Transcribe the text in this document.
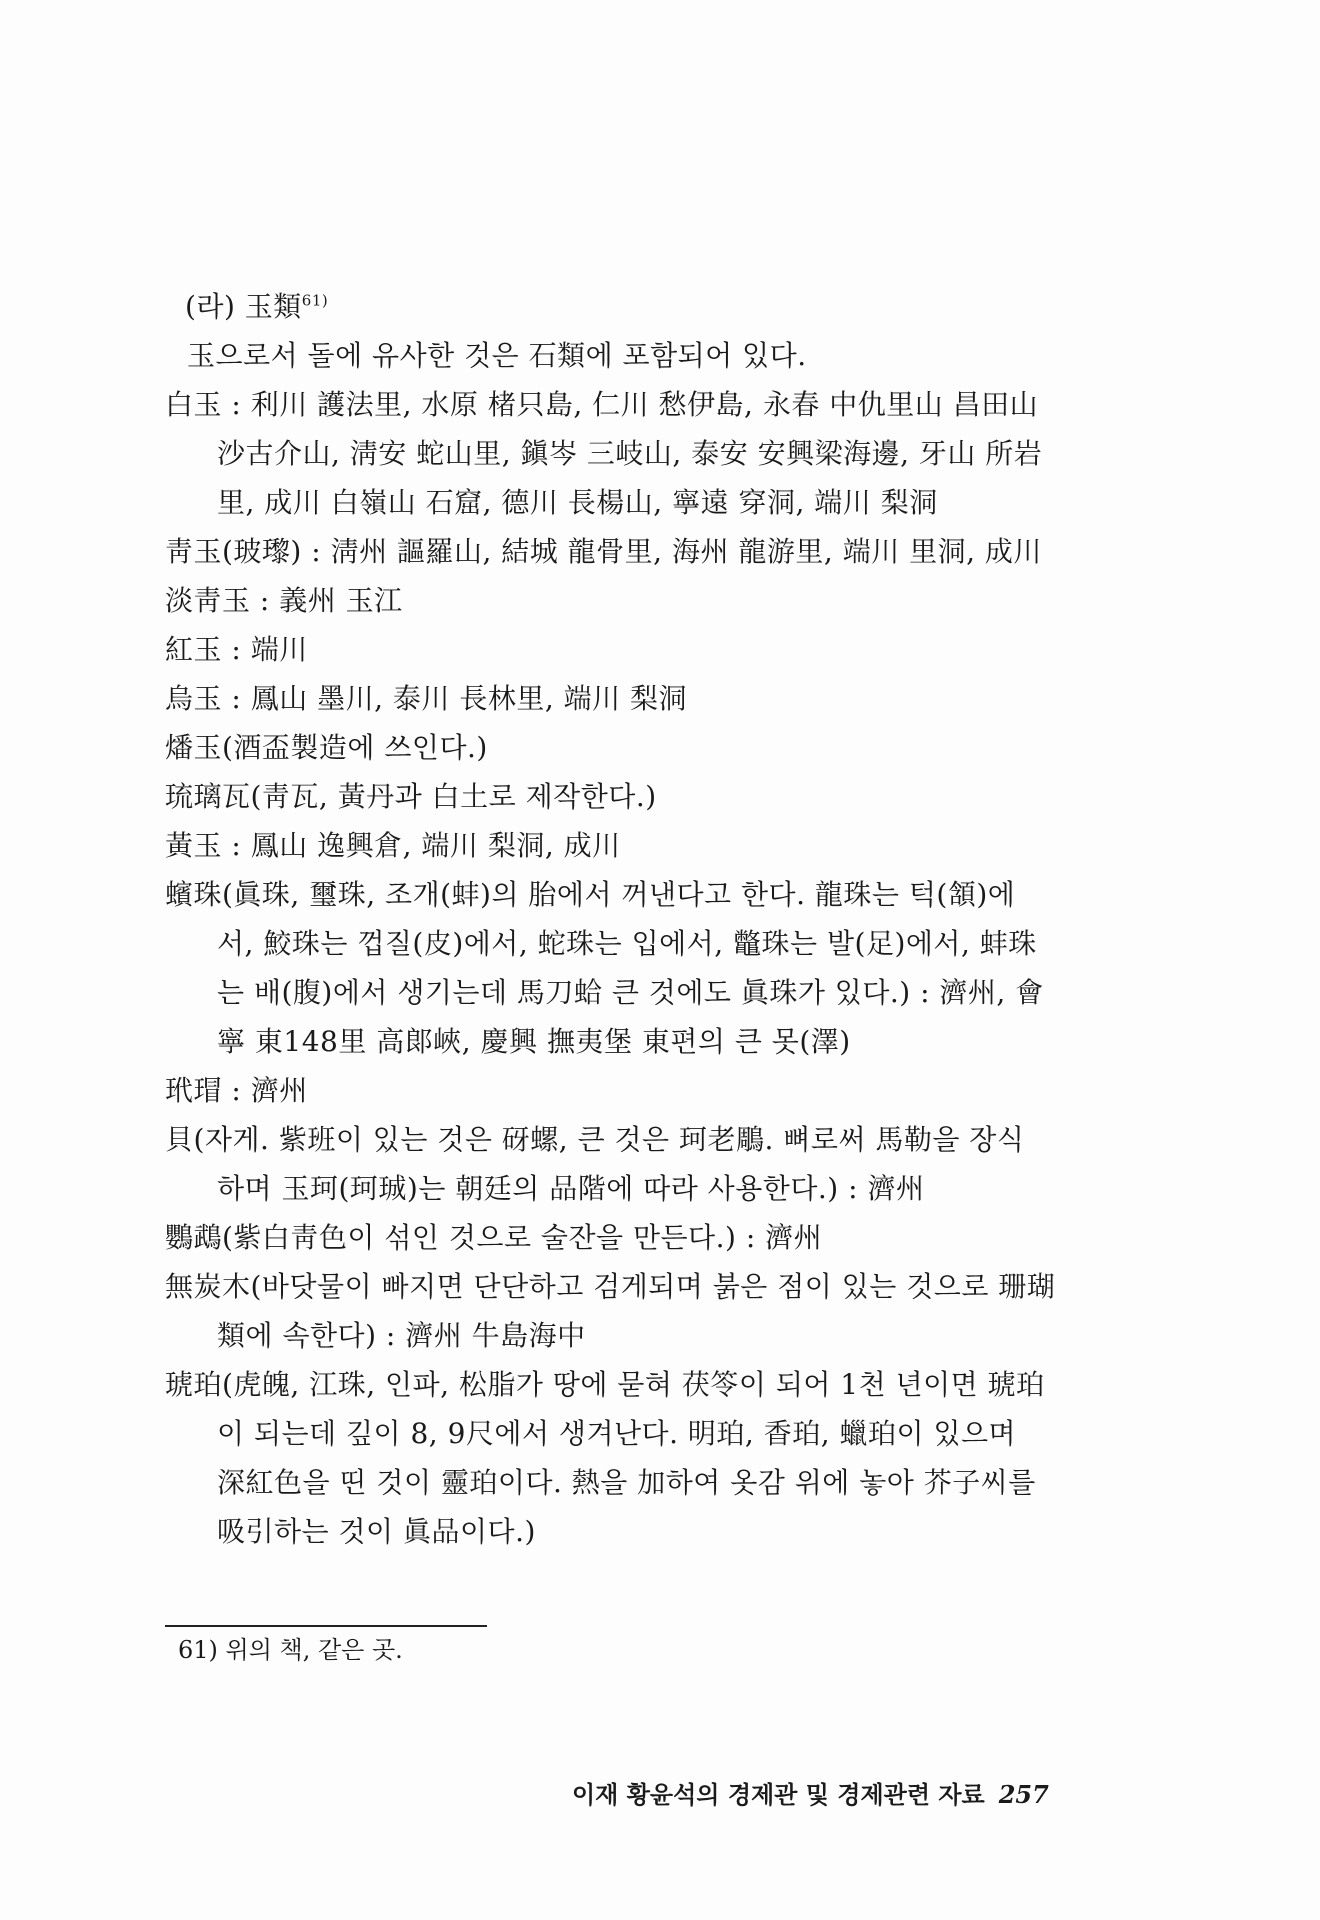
(라) 玉類$^{61)}$
玉으로서 돌에 유사한 것은 石類에 포함되어 있다.
白玉 : 利川 護法里, 水原 楮只島, 仁川 愁伊島, 永春 中仇里山 昌田山
沙古介山, 淸安 蛇山里, 鎭岑 三岐山, 泰安 安興梁海邊, 牙山 所岩
里, 成川 白嶺山 石窟, 德川 長楊山, 寧遠 穿洞, 端川 梨洞
靑玉(玻瓈) : 淸州 謳羅山, 結城 龍骨里, 海州 龍游里, 端川 里洞, 成川
淡靑玉 : 義州 玉江
紅玉 : 端川
烏玉 : 鳳山 墨川, 泰川 長林里, 端川 梨洞
燔玉(酒盃製造에 쓰인다.)
琉璃瓦(靑瓦, 黃丹과 白土로 제작한다.)
黃玉 : 鳳山 逸興倉, 端川 梨洞, 成川
蠙珠(眞珠, 璽珠, 조개(蚌)의 胎에서 꺼낸다고 한다. 龍珠는 턱(頷)에
서, 鮫珠는 껍질(皮)에서, 蛇珠는 입에서, 鼈珠는 발(足)에서, 蚌珠
는 배(腹)에서 생기는데 馬刀蛤 큰 것에도 眞珠가 있다.) : 濟州, 會
寧 東148里 高郞峽, 慶興 撫夷堡 東편의 큰 못(澤)
玳瑁 : 濟州
貝(자게. 紫班이 있는 것은 砑螺, 큰 것은 珂老鵰. 뼈로써 馬勒을 장식
하며 玉珂(珂珹)는 朝廷의 品階에 따라 사용한다.) : 濟州
鸚鵡(紫白靑色이 섞인 것으로 술잔을 만든다.) : 濟州
無炭木(바닷물이 빠지면 단단하고 검게되며 붉은 점이 있는 것으로 珊瑚
類에 속한다) : 濟州 牛島海中
琥珀(虎魄, 江珠, 인파, 松脂가 땅에 묻혀 茯笭이 되어 1천 년이면 琥珀
이 되는데 깊이 8, 9尺에서 생겨난다. 明珀, 香珀, 蠟珀이 있으며
深紅色을 띤 것이 靈珀이다. 熱을 加하여 옷감 위에 놓아 芥子씨를
吸引하는 것이 眞品이다.)
61) 위의 책, 같은 곳.
이재 황윤석의 경제관 및 경제관련 자료 257
